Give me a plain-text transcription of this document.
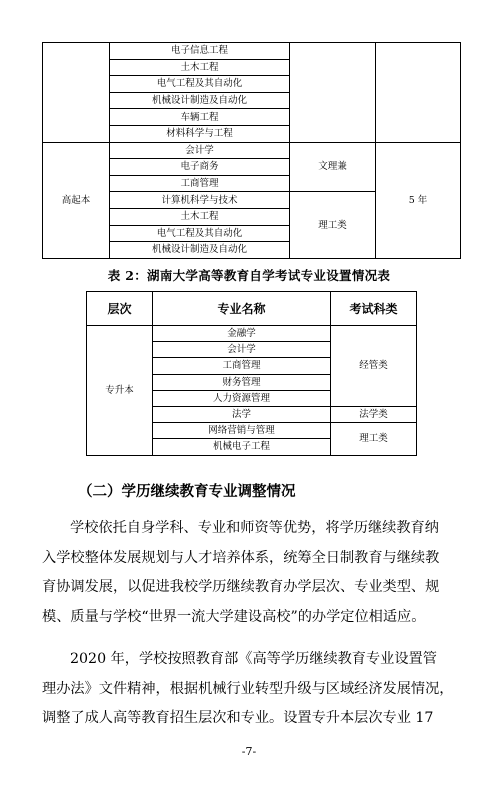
	电子信息工程		
	土木工程		
	电气工程及其自动化		
	机械设计制造及自动化		
	车辆工程		
	材料科学与工程		
高起本	会计学	文理兼	5 年
	电子商务		
	工商管理		
	计算机科学与技术	理工类	
	土木工程		
	电气工程及其自动化		
	机械设计制造及自动化		
表 2：湖南大学高等教育自学考试专业设置情况表
层次	专业名称	考试科类
专升本	金融学	经管类
	会计学	
	工商管理	
	财务管理	
	人力资源管理	
	法学	法学类
	网络营销与管理	理工类
	机械电子工程	
（二）学历继续教育专业调整情况

学校依托自身学科、专业和师资等优势，将学历继续教育纳
入学校整体发展规划与人才培养体系，统筹全日制教育与继续教
育协调发展，以促进我校学历继续教育办学层次、专业类型、规
模、质量与学校“世界一流大学建设高校”的办学定位相适应。

2020 年，学校按照教育部《高等学历继续教育专业设置管
理办法》文件精神，根据机械行业转型升级与区域经济发展情况，
调整了成人高等教育招生层次和专业。设置专升本层次专业 17

-7-
